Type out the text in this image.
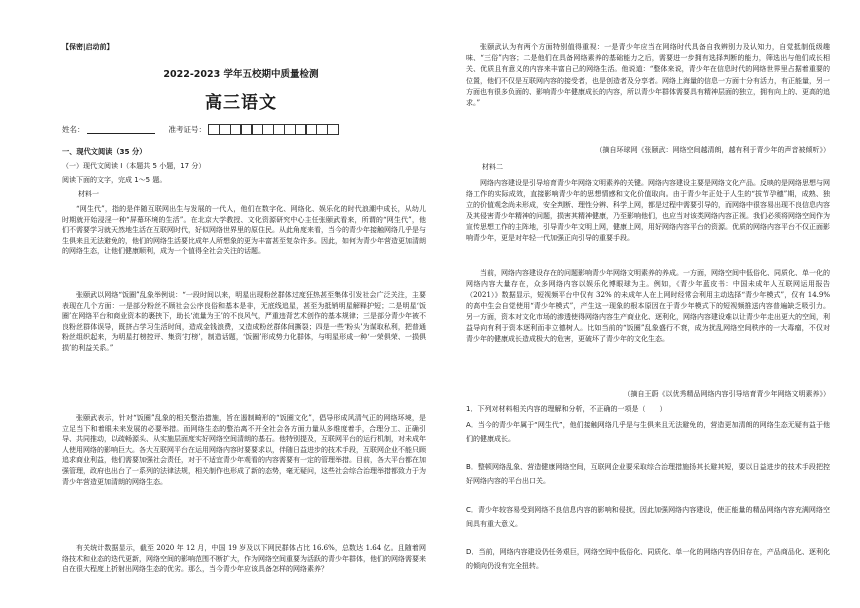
【保密|启动前】
2022-2023 学年五校期中质量检测
高三语文
姓名：	准考证号：
一、现代文阅读（35 分）
（一）现代文阅读 I（本题共 5 小题，17 分）
阅读下面的文字，完成 1～5 题。
材料一
“网生代”，指的是伴随互联网出生与发展的一代人，他们在数字化、网络化、娱乐化的时代浪潮中成长，从幼儿时期就开始浸淫一种“屏幕环境的生活”。在北京大学教授、文化资源研究中心主任张颐武看来，所谓的“网生代”，他们不需要学习就天然地生活在互联网时代，好似网络世界里的原住民。从此角度来看，当今的青少年接触网络几乎是与生俱来且无法避免的，他们的网络生活要比成年人所想象的更为丰富甚至复杂许多。因此，如何为青少年营造更加清朗的网络生态，让他们健康顺利，成为一个值得全社会关注的话题。
张颐武以网络“饭圈”乱象举例说：“一段时间以来，明星出现粉丝群体过度狂热甚至集体引发社会广泛关注，主要表现在几个方面：一是部分粉丝不顾社会公序良俗和基本是非，无底线追星，甚至为抵销明星解释护短；二是明星‘饭圈’在网络平台和商业资本的裹挟下，助长‘流量为王’的不良风气，严重违背艺术创作的基本规律；三是部分青少年被不良粉丝群体误导，既挤占学习生活时间，造成金钱浪费，又造成粉丝群体间撕裂；四是一些‘粉头’为谋取私利，把普通粉丝组织起来，为明星打榜控评、集资‘打榜’，制造话题，‘饭圈’形成势力化群体，与明星形成一种‘一荣俱荣、一损俱损’的利益关系。”
张颐武表示，针对“饭圈”乱象的相关整治措施，旨在遏制畸形的“饭圈文化”，倡导形成风清气正的网络环境，是立足当下和着眼未来发展的必要举措。而网络生态的整治离不开全社会各方面力量从多维度着手，合理分工、正确引导、共同推动，以疏畅源头、从实施层面度实好网络空间清朗的基石。他特别提及，互联网平台的运行机制，对未成年人使用网络的影响巨大。各大互联网平台在运用网络内容时要要求以，伴随日益进步的技术手段，互联网企业不能只顾追求商业利益，他们需要加强社会责任，对于不适宜青少年观看的内容需要有一定的管理举措。目前，各大平台都在加强管理，政府也出台了一系列的法律法规，相关制作也形成了新的态势，毫无疑问，这些社会综合治理举措都致力于为青少年营造更加清朗的网络生态。
有关统计数据显示，截至 2020 年 12 月，中国 19 岁及以下网民群体占比 16.6%，总数达 1.64 亿。且随着网络技术和业态的迭代更新，网络空间的影响范围不断扩大，作为网络空间重要为活跃的青少年群体，他们的网络需要来自在很大程度上折射出网络生态的优劣。那么，当今青少年应该具备怎样的网络素养？
张颐武认为有两个方面特别值得重视：一是青少年应当在网络时代具备自我辨别力及认知力，自觉抵制低级趣味、“三俗”内容；二是他们在具备网络素养的基础能力之后，需要进一步拥有选择判断的能力，筛选出与他们成长相关、优质且有意义的内容来丰富自己的网络生活。他说道：“整体来说，青少年在信息时代的网络世界里占据着重要的位置，他们不仅是互联网内容的接受者，也是创造者及分享者。网络上海量的信息一方面十分有活力，有正能量，另一方面也有很多负面的、影响青少年健康成长的内容，所以青少年群体需要具有精神层面的独立，拥有向上的、更高的追求。”
（摘自环球网《张颐武：网络空间越清朗，越有利于青少年的声音被倾听》）
材料二
网络内容建设是引导培育青少年网络文明素养的关键。网络内容建设主要是网络文化产品。反映的是网络思想与网络工作的实际成效，直接影响青少年的思想情感和文化价值取向。由于青少年正处于人生的“拔节孕穗”期，成熟、独立的价值观念尚未形成，安全判断、理性分辨、科学上网，都是过程中需要引导的，而网络中很容易出现不良信息内容及其侵害青少年精神的问题，损害其精神健康，乃至影响他们，也应当对该类网络内容正视。我们必须将网络空间作为宣传思想工作的主阵地，引导青少年文明上网，健康上网，用好网络内容平台的资源。优质的网络内容平台不仅正面影响青少年，更是对年轻一代加强正向引导的重要手段。
当前，网络内容建设存在的问题影响青少年网络文明素养的养成。一方面，网络空间中低俗化、同质化、单一化的网络内容大量存在，众多网络内容以娱乐化博眼球为主。例如，《青少年蓝皮书：中国未成年人互联网运用报告（2021）》数据显示，短视频平台中仅有 32% 的未成年人在上网时经常会利用主动选择“青少年模式”，仅有 14.9% 的高中生会自觉使用“青少年模式”，产生这一现象的根本原因在于青少年模式下的短视频推送内容普遍缺乏吸引力。另一方面，资本对文化市场的渗透使得网络内容生产商业化、逐利化，网络内容建设难以让青少年走出更大的空间，利益导向有利于资本逐利而非立德树人。比如当前的“饭圈”乱象盛行不衰，成为扰乱网络空间秩序的一大毒瘤，不仅对青少年的健康成长造成极大的危害，更破坏了青少年的文化生态。
（摘自王蔚《以优秀精品网络内容引导培育青少年网络文明素养》）
1．下列对材料相关内容的理解和分析，不正确的一项是（　　）
A．当今的青少年属于“网生代”，他们接触网络几乎是与生俱来且无法避免的，营造更加清朗的网络生态无疑有益于他们的健康成长。
B．整顿网络乱象、营造健康网络空间，互联网企业要采取综合治理措施扬其长避其短，要以日益进步的技术手段把控好网络内容的平台出口关。
C．青少年较容易受到网络不良信息内容的影响和侵扰，因此加强网络内容建设，使正能量的精品网络内容充满网络空间具有重大意义。
D．当前，网络内容建设仍任务艰巨，网络空间中低俗化、同质化、单一化的网络内容仍旧存在，产品商品化、逐利化的倾向仍没有完全扭转。
